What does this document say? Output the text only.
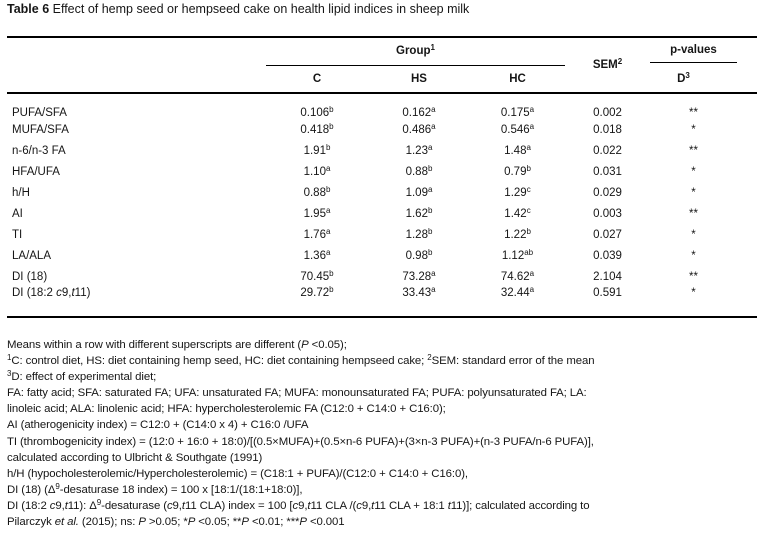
Table 6 Effect of hemp seed or hempseed cake on health lipid indices in sheep milk

	Group$^1$			SEM$^2$	p-values

	C	HS	HC		$D^3$

PUFA/SFA	0.106$^b$	0.162$^a$	0.175$^a$	0.002	**
MUFA/SFA	0.418$^b$	0.486$^a$	0.546$^a$	0.018	*
n-6/n-3 FA	1.91$^b$	1.23$^a$	1.48$^a$	0.022	**
HFA/UFA	1.10$^a$	0.88$^b$	0.79$^b$	0.031	*
h/H	0.88$^b$	1.09$^a$	1.29$^c$	0.029	*
AI	1.95$^a$	1.62$^b$	1.42$^c$	0.003	**
TI	1.76$^a$	1.28$^b$	1.22$^b$	0.027	*
LA/ALA	1.36$^a$	0.98$^b$	1.12$^{ab}$	0.039	*
DI (18)	70.45$^b$	73.28$^a$	74.62$^a$	2.104	**
DI (18:2 c9,t11)	29.72$^b$	33.43$^a$	32.44$^a$	0.591	*
Means within a row with different superscripts are different (P <0.05);
$^1$C: control diet, HS: diet containing hemp seed, HC: diet containing hempseed cake; $^2$SEM: standard error of the mean
$^3$D: effect of experimental diet;
FA: fatty acid; SFA: saturated FA; UFA: unsaturated FA; MUFA: monounsaturated FA; PUFA: polyunsaturated FA; LA:
linoleic acid; ALA: linolenic acid; HFA: hypercholesterolemic FA (C12:0 + C14:0 + C16:0);
AI (atherogenicity index) = C12:0 + (C14:0 x 4) + C16:0 /UFA
TI (thrombogenicity index) = (12:0 + 16:0 + 18:0)/[(0.5×MUFA)+(0.5×n-6 PUFA)+(3×n-3 PUFA)+(n-3 PUFA/n-6 PUFA)],
calculated according to Ulbricht & Southgate (1991)
h/H (hypocholesterolemic/Hypercholesterolemic) = (C18:1 + PUFA)/(C12:0 + C14:0 + C16:0),
DI (18) ($\Delta^9$-desaturase 18 index) = 100 x [18:1/(18:1+18:0)],
DI (18:2 c9,t11): $\Delta^9$-desaturase (c9,t11 CLA) index = 100 [c9,t11 CLA /(c9,t11 CLA + 18:1 t11)]; calculated according to
Pilarczyk et al. (2015); ns: P >0.05; *P <0.05; **P <0.01; ***P <0.001
